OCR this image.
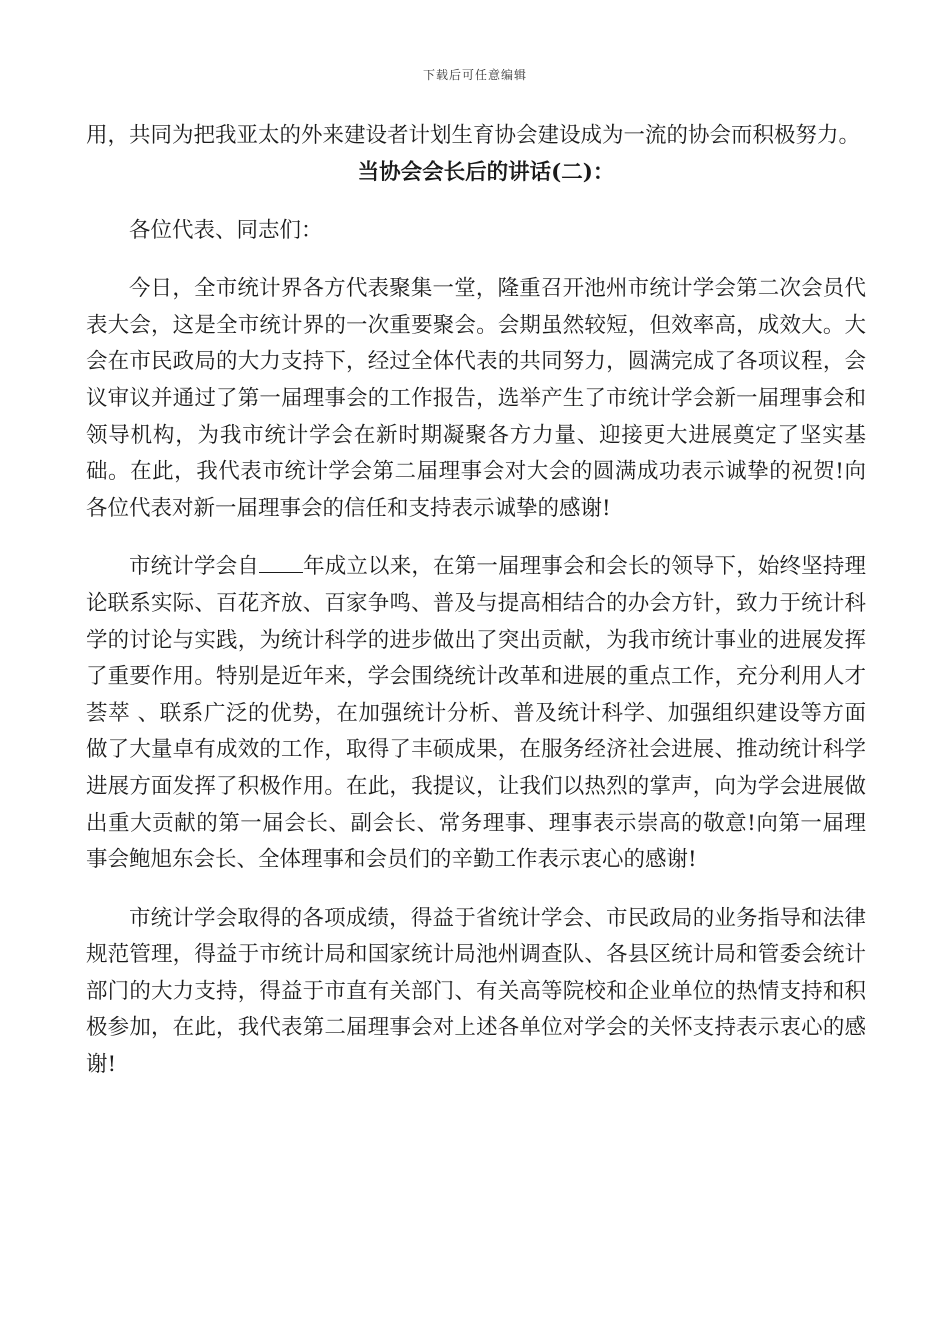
下载后可任意编辑

用，共同为把我亚太的外来建设者计划生育协会建设成为一流的协会而积极努力。

当协会会长后的讲话(二)：

各位代表、同志们：

今日，全市统计界各方代表聚集一堂，隆重召开池州市统计学会第二次会员代表大会，这是全市统计界的一次重要聚会。会期虽然较短，但效率高，成效大。大会在市民政局的大力支持下，经过全体代表的共同努力，圆满完成了各项议程，会议审议并通过了第一届理事会的工作报告，选举产生了市统计学会新一届理事会和领导机构，为我市统计学会在新时期凝聚各方力量、迎接更大进展奠定了坚实基础。在此，我代表市统计学会第二届理事会对大会的圆满成功表示诚挚的祝贺!向各位代表对新一届理事会的信任和支持表示诚挚的感谢!

市统计学会自 年成立以来，在第一届理事会和会长的领导下，始终坚持理论联系实际、百花齐放、百家争鸣、普及与提高相结合的办会方针，致力于统计科学的讨论与实践，为统计科学的进步做出了突出贡献，为我市统计事业的进展发挥了重要作用。特别是近年来，学会围绕统计改革和进展的重点工作，充分利用人才荟萃 、联系广泛的优势，在加强统计分析、普及统计科学、加强组织建设等方面做了大量卓有成效的工作，取得了丰硕成果，在服务经济社会进展、推动统计科学进展方面发挥了积极作用。在此，我提议，让我们以热烈的掌声，向为学会进展做出重大贡献的第一届会长、副会长、常务理事、理事表示崇高的敬意!向第一届理事会鲍旭东会长、全体理事和会员们的辛勤工作表示衷心的感谢!

市统计学会取得的各项成绩，得益于省统计学会、市民政局的业务指导和法律规范管理，得益于市统计局和国家统计局池州调查队、各县区统计局和管委会统计部门的大力支持，得益于市直有关部门、有关高等院校和企业单位的热情支持和积极参加，在此，我代表第二届理事会对上述各单位对学会的关怀支持表示衷心的感谢!
